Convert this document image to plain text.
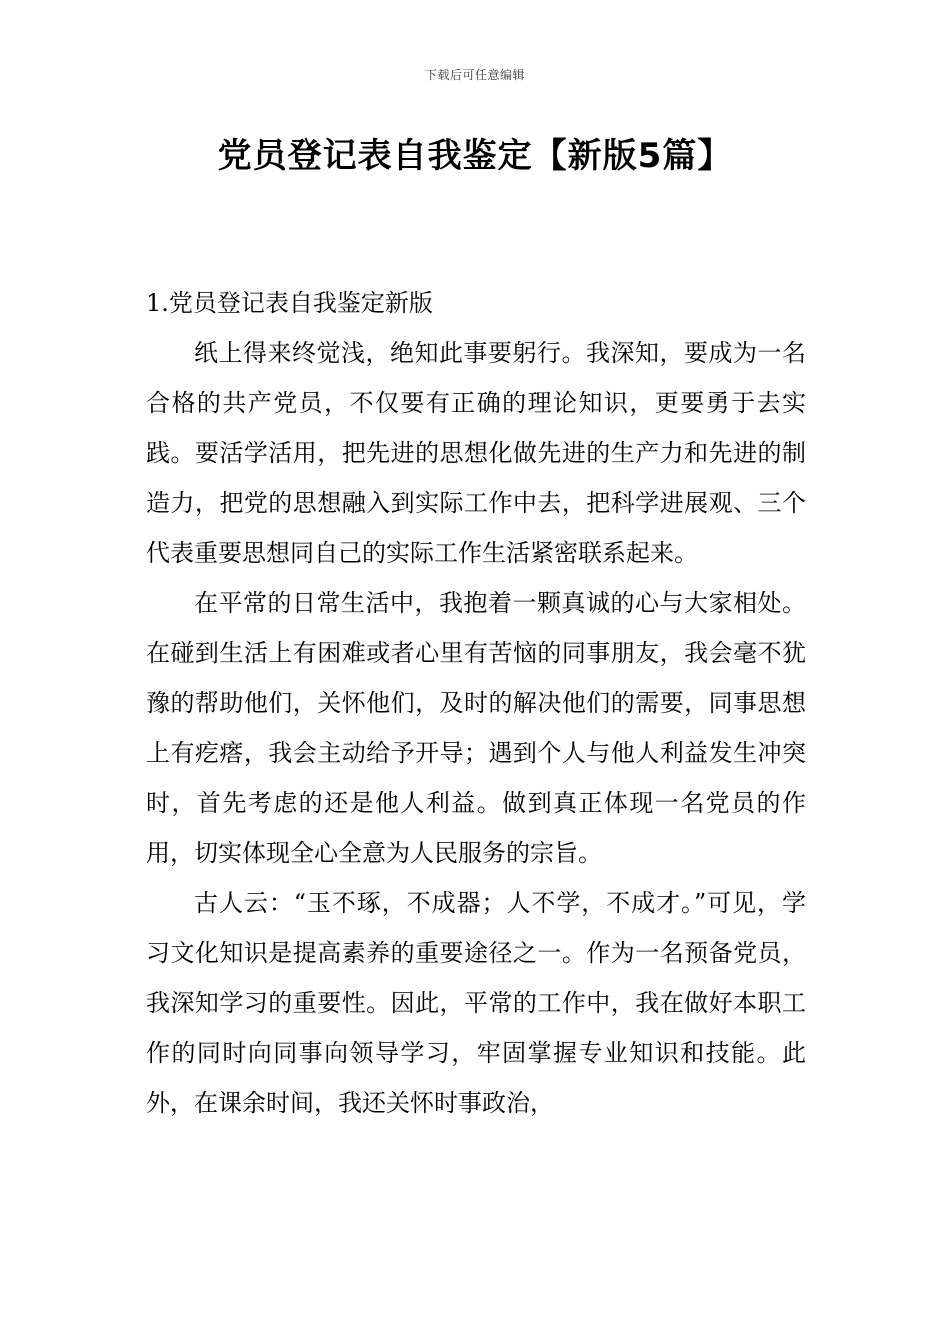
下载后可任意编辑
党员登记表自我鉴定【新版5篇】
1.党员登记表自我鉴定新版

纸上得来终觉浅，绝知此事要躬行。我深知，要成为一名合格的共产党员，不仅要有正确的理论知识，更要勇于去实践。要活学活用，把先进的思想化做先进的生产力和先进的制造力，把党的思想融入到实际工作中去，把科学进展观、三个代表重要思想同自己的实际工作生活紧密联系起来。

在平常的日常生活中，我抱着一颗真诚的心与大家相处。在碰到生活上有困难或者心里有苦恼的同事朋友，我会毫不犹豫的帮助他们，关怀他们，及时的解决他们的需要，同事思想上有疙瘩，我会主动给予开导；遇到个人与他人利益发生冲突时，首先考虑的还是他人利益。做到真正体现一名党员的作用，切实体现全心全意为人民服务的宗旨。

古人云：“玉不琢，不成器；人不学，不成才。”可见，学习文化知识是提高素养的重要途径之一。作为一名预备党员，我深知学习的重要性。因此，平常的工作中，我在做好本职工作的同时向同事向领导学习，牢固掌握专业知识和技能。此外，在课余时间，我还关怀时事政治，
